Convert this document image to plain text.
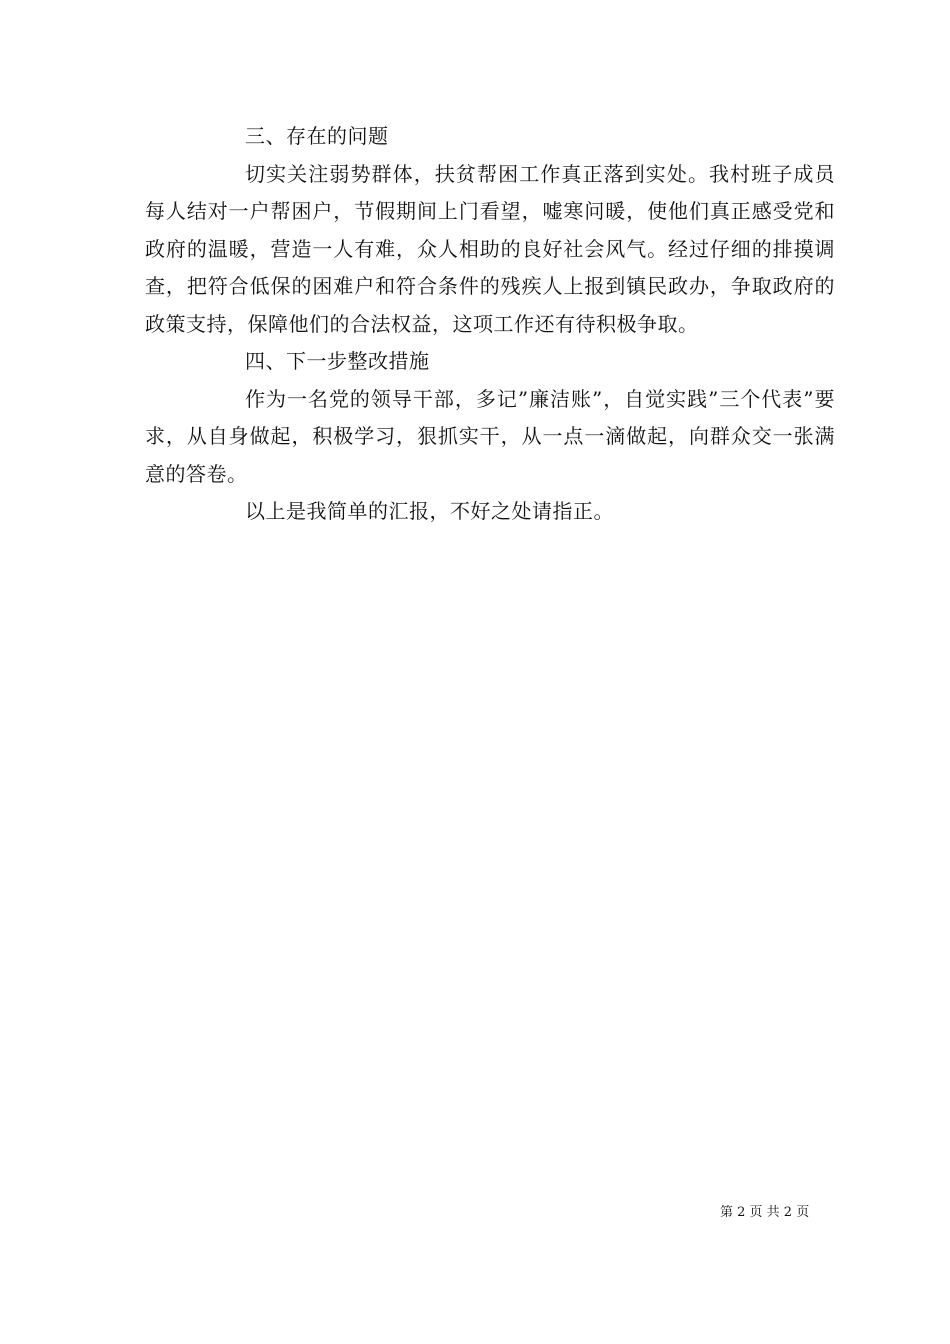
三、存在的问题

切实关注弱势群体，扶贫帮困工作真正落到实处。我村班子成员每人结对一户帮困户，节假期间上门看望，嘘寒问暖，使他们真正感受党和政府的温暖，营造一人有难，众人相助的良好社会风气。经过仔细的排摸调查，把符合低保的困难户和符合条件的残疾人上报到镇民政办，争取政府的政策支持，保障他们的合法权益，这项工作还有待积极争取。

四、下一步整改措施

作为一名党的领导干部，多记”廉洁账”，自觉实践”三个代表”要求，从自身做起，积极学习，狠抓实干，从一点一滴做起，向群众交一张满意的答卷。

以上是我简单的汇报，不好之处请指正。

第 2 页 共 2 页
